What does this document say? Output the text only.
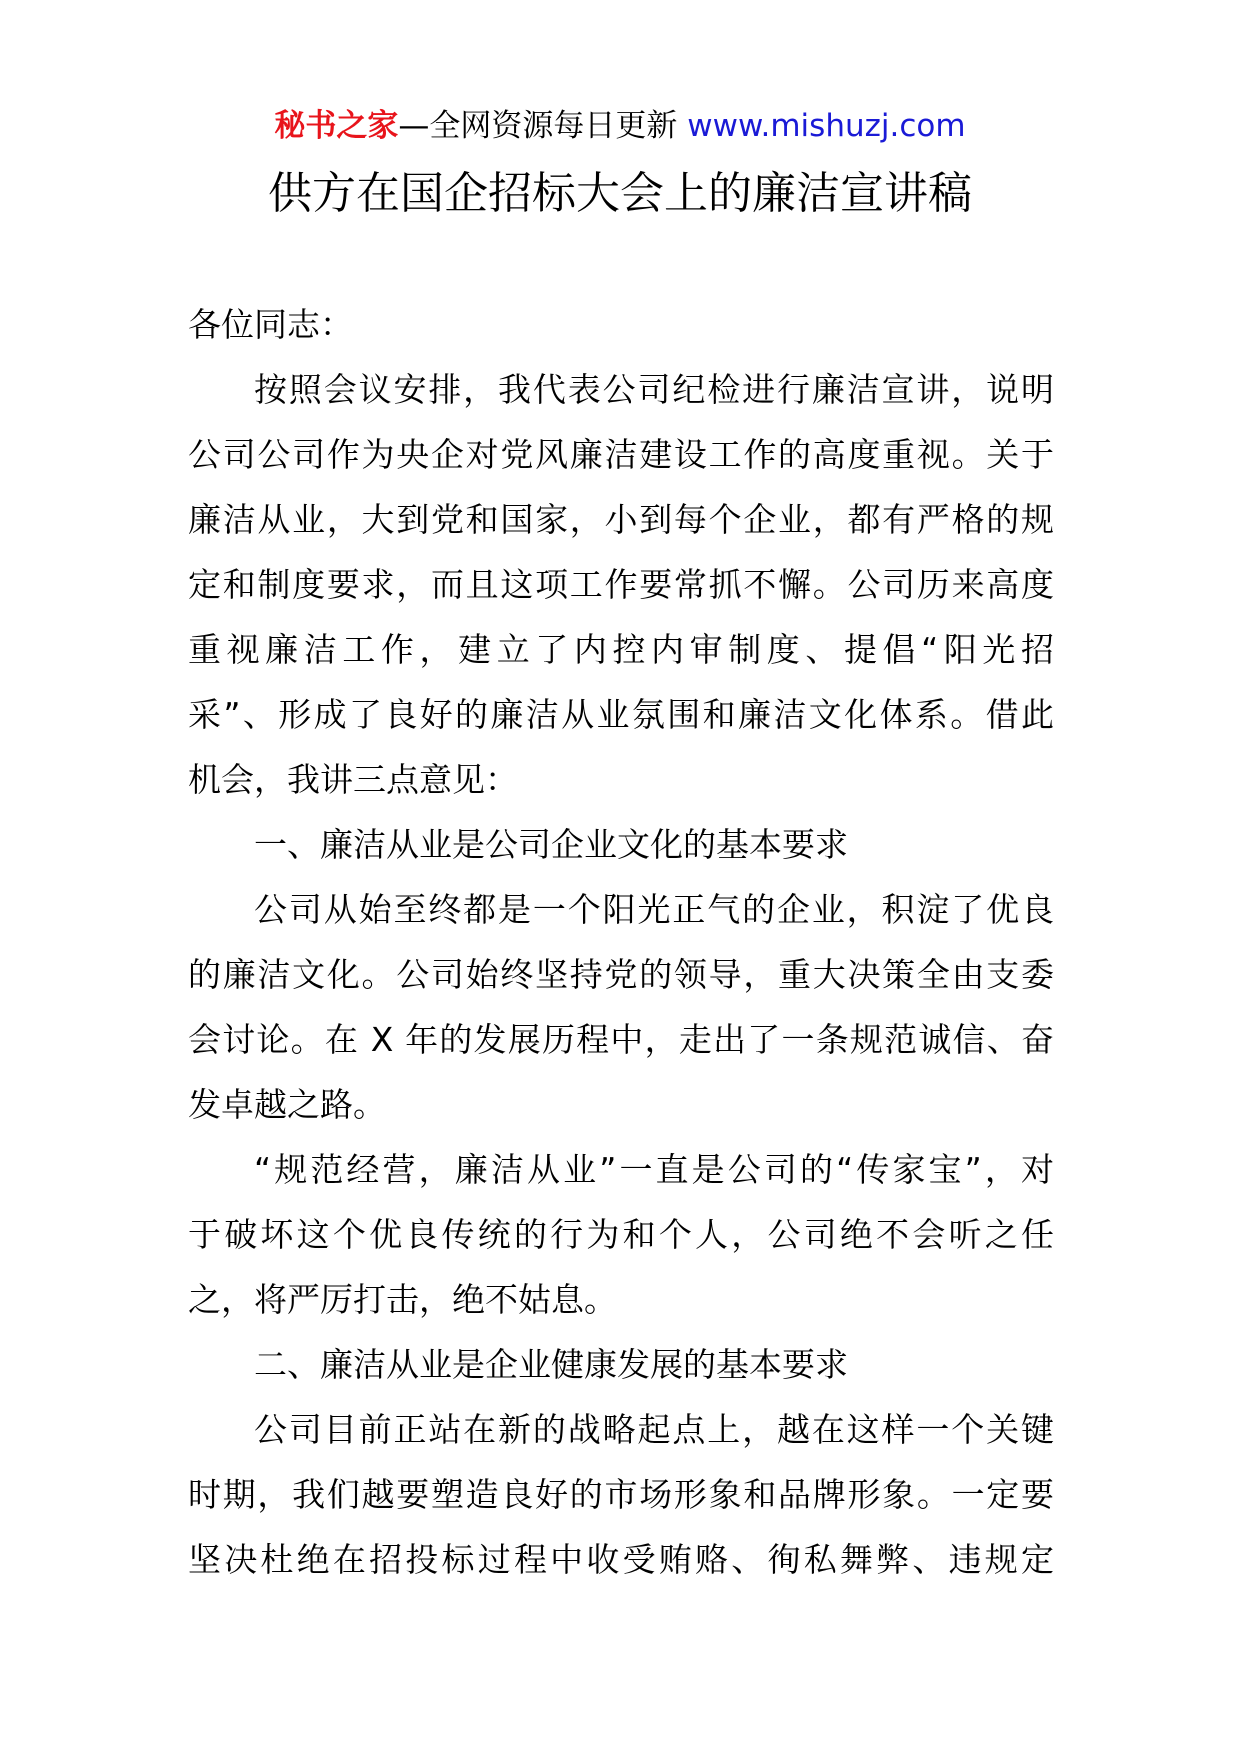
秘书之家—全网资源每日更新 www.mishuzj.com
供方在国企招标大会上的廉洁宣讲稿
各位同志：
按照会议安排，我代表公司纪检进行廉洁宣讲，说明
公司公司作为央企对党风廉洁建设工作的高度重视。关于
廉洁从业，大到党和国家，小到每个企业，都有严格的规
定和制度要求，而且这项工作要常抓不懈。公司历来高度
重视廉洁工作，建立了内控内审制度、提倡“阳光招
采”、形成了良好的廉洁从业氛围和廉洁文化体系。借此
机会，我讲三点意见：
一、廉洁从业是公司企业文化的基本要求
公司从始至终都是一个阳光正气的企业，积淀了优良
的廉洁文化。公司始终坚持党的领导，重大决策全由支委
会讨论。在 X 年的发展历程中，走出了一条规范诚信、奋
发卓越之路。
“规范经营，廉洁从业”一直是公司的“传家宝”，对
于破坏这个优良传统的行为和个人，公司绝不会听之任
之，将严厉打击，绝不姑息。
二、廉洁从业是企业健康发展的基本要求
公司目前正站在新的战略起点上，越在这样一个关键
时期，我们越要塑造良好的市场形象和品牌形象。一定要
坚决杜绝在招投标过程中收受贿赂、徇私舞弊、违规定
